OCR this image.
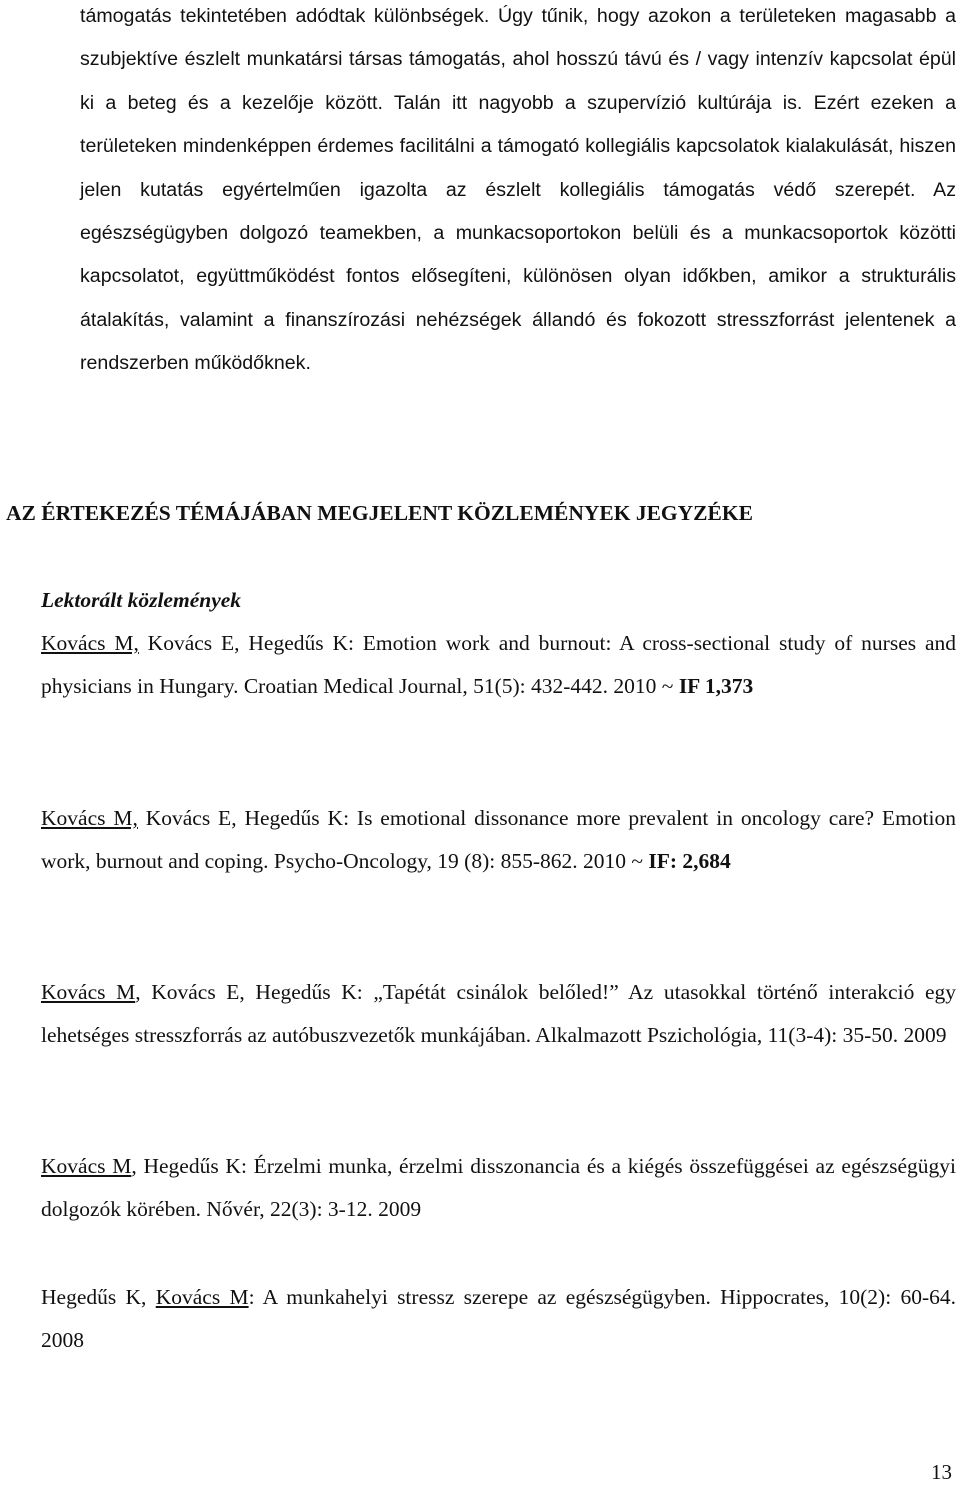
támogatás tekintetében adódtak különbségek. Úgy tűnik, hogy azokon a területeken magasabb a szubjektíve észlelt munkatársi társas támogatás, ahol hosszú távú és / vagy intenzív kapcsolat épül ki a beteg és a kezelője között. Talán itt nagyobb a szupervízió kultúrája is. Ezért ezeken a területeken mindenképpen érdemes facilitálni a támogató kollegiális kapcsolatok kialakulását, hiszen jelen kutatás egyértelműen igazolta az észlelt kollegiális támogatás védő szerepét. Az egészségügyben dolgozó teamekben, a munkacsoportokon belüli és a munkacsoportok közötti kapcsolatot, együttműködést fontos elősegíteni, különösen olyan időkben, amikor a strukturális átalakítás, valamint a finanszírozási nehézségek állandó és fokozott stresszforrást jelentenek a rendszerben működőknek.

AZ ÉRTEKEZÉS TÉMÁJÁBAN MEGJELENT KÖZLEMÉNYEK JEGYZÉKE
Lektorált közlemények

Kovács M, Kovács E, Hegedűs K: Emotion work and burnout: A cross-sectional study of nurses and physicians in Hungary. Croatian Medical Journal, 51(5): 432-442. 2010 ~ IF 1,373

Kovács M, Kovács E, Hegedűs K: Is emotional dissonance more prevalent in oncology care? Emotion work, burnout and coping. Psycho-Oncology, 19 (8): 855-862. 2010 ~ IF: 2,684

Kovács M, Kovács E, Hegedűs K: „Tapétát csinálok belőled!” Az utasokkal történő interakció egy lehetséges stresszforrás az autóbuszvezetők munkájában. Alkalmazott Pszichológia, 11(3-4): 35-50. 2009

Kovács M, Hegedűs K: Érzelmi munka, érzelmi disszonancia és a kiégés összefüggései az egészségügyi dolgozók körében. Nővér, 22(3): 3-12. 2009

Hegedűs K, Kovács M: A munkahelyi stressz szerepe az egészségügyben. Hippocrates, 10(2): 60-64. 2008

13
